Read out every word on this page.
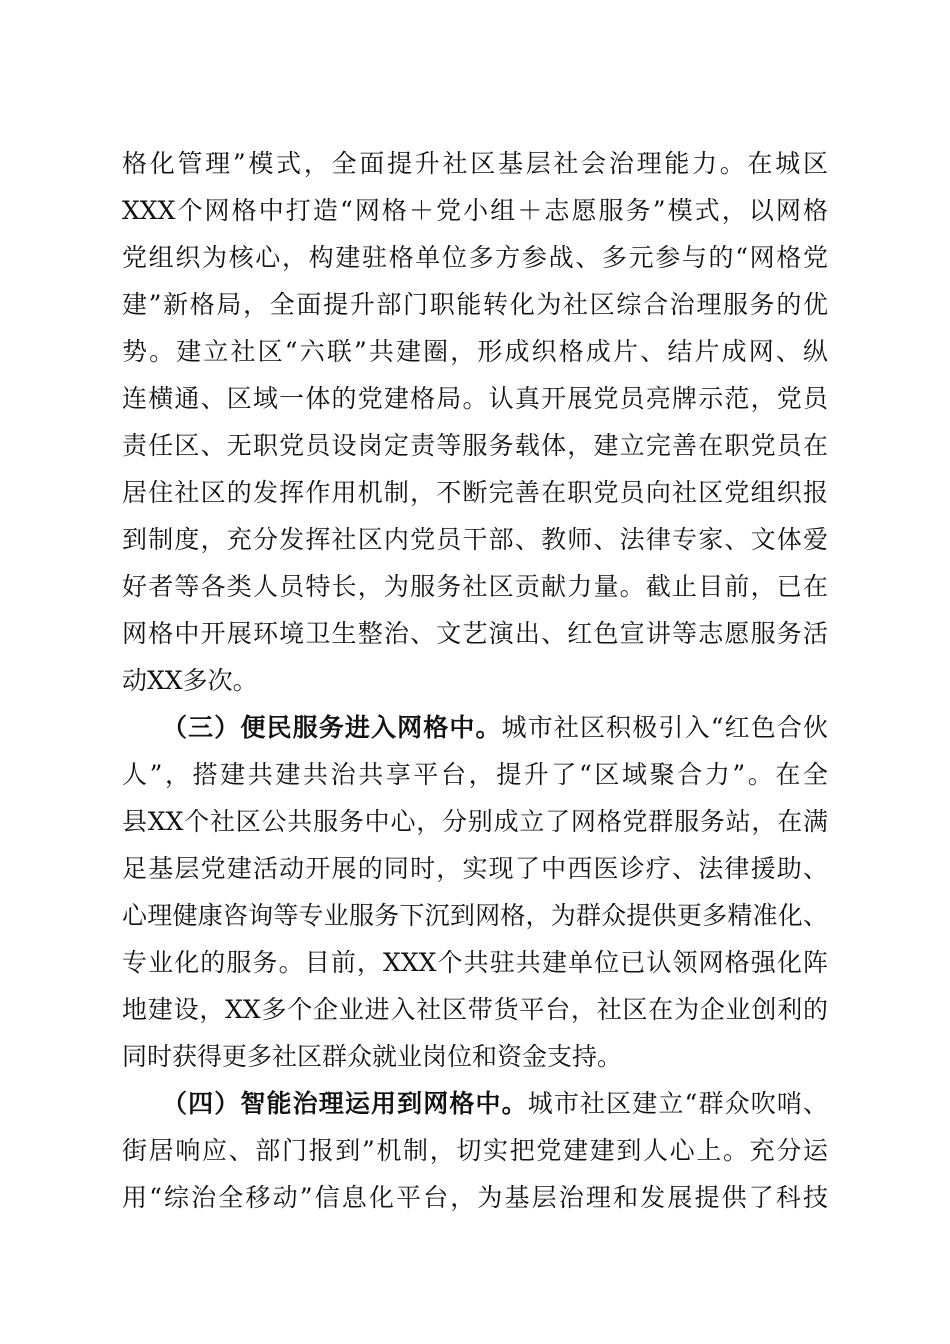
格化管理”模式，全面提升社区基层社会治理能力。在城区
XXX个网格中打造“网格＋党小组＋志愿服务”模式，以网格
党组织为核心，构建驻格单位多方参战、多元参与的“网格党
建”新格局，全面提升部门职能转化为社区综合治理服务的优
势。建立社区“六联”共建圈，形成织格成片、结片成网、纵
连横通、区域一体的党建格局。认真开展党员亮牌示范，党员
责任区、无职党员设岗定责等服务载体，建立完善在职党员在
居住社区的发挥作用机制，不断完善在职党员向社区党组织报
到制度，充分发挥社区内党员干部、教师、法律专家、文体爱
好者等各类人员特长，为服务社区贡献力量。截止目前，已在
网格中开展环境卫生整治、文艺演出、红色宣讲等志愿服务活
动XX多次。
（三）便民服务进入网格中。城市社区积极引入“红色合伙
人”，搭建共建共治共享平台，提升了“区域聚合力”。在全
县XX个社区公共服务中心，分别成立了网格党群服务站，在满
足基层党建活动开展的同时，实现了中西医诊疗、法律援助、
心理健康咨询等专业服务下沉到网格，为群众提供更多精准化、
专业化的服务。目前，XXX个共驻共建单位已认领网格强化阵
地建设，XX多个企业进入社区带货平台，社区在为企业创利的
同时获得更多社区群众就业岗位和资金支持。
（四）智能治理运用到网格中。城市社区建立“群众吹哨、
街居响应、部门报到”机制，切实把党建建到人心上。充分运
用“综治全移动”信息化平台，为基层治理和发展提供了科技
